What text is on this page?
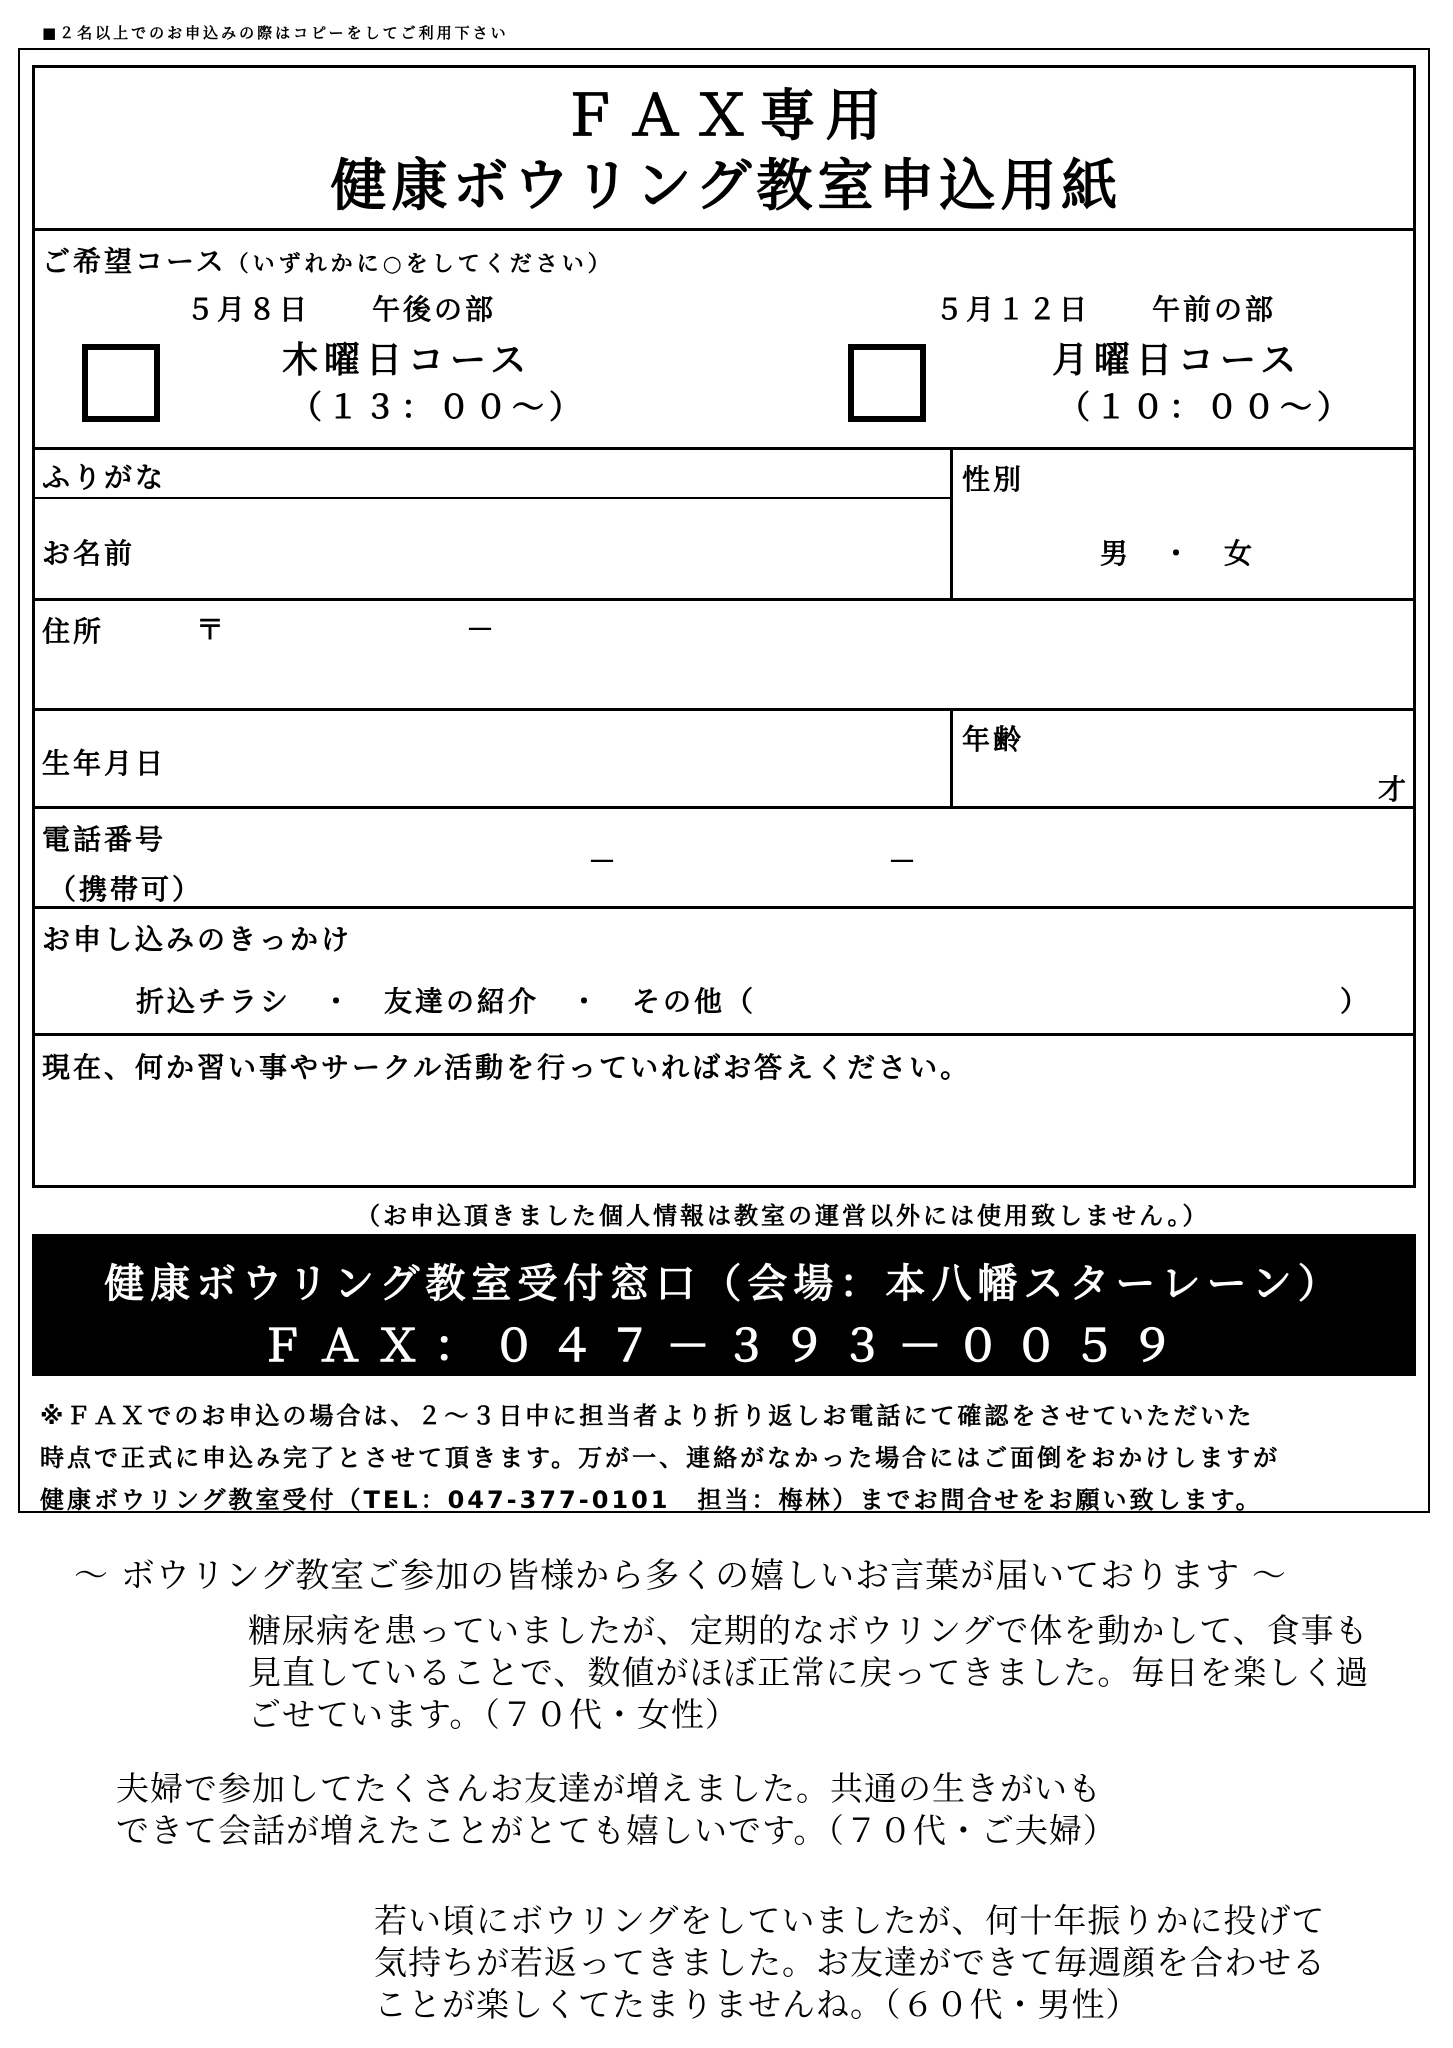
■２名以上でのお申込みの際はコピーをしてご利用下さい
ＦＡＸ専用
健康ボウリング教室申込用紙
ご希望コース（いずれかに○をしてください）
５月８日　　 午後の部
木曜日コース
（１３：００～）
５月１２日　　 午前の部
月曜日コース
（１０：００～）
ふりがな
お名前
性別
男　・　女
住所	〒	－
生年月日
年齢
才
電話番号
（携帯可）
－	－
お申し込みのきっかけ
折込チラシ　・　友達の紹介　・　その他（	）
現在、何か習い事やサークル活動を行っていればお答えください。
（お申込頂きました個人情報は教室の運営以外には使用致しません。）
健康ボウリング教室受付窓口（会場：本八幡スターレーン）
ＦＡＸ：０４７－３９３－００５９
※ＦＡＸでのお申込の場合は、２～３日中に担当者より折り返しお電話にて確認をさせていただいた
時点で正式に申込み完了とさせて頂きます。万が一、連絡がなかった場合にはご面倒をおかけしますが
健康ボウリング教室受付（TEL：047-377-0101　担当：梅林）までお問合せをお願い致します。
～ ボウリング教室ご参加の皆様から多くの嬉しいお言葉が届いております ～
糖尿病を患っていましたが、定期的なボウリングで体を動かして、食事も
見直していることで、数値がほぼ正常に戻ってきました。毎日を楽しく過
ごせています。（７０代・女性）
夫婦で参加してたくさんお友達が増えました。共通の生きがいも
できて会話が増えたことがとても嬉しいです。（７０代・ご夫婦）
若い頃にボウリングをしていましたが、何十年振りかに投げて
気持ちが若返ってきました。お友達ができて毎週顔を合わせる
ことが楽しくてたまりませんね。（６０代・男性）
